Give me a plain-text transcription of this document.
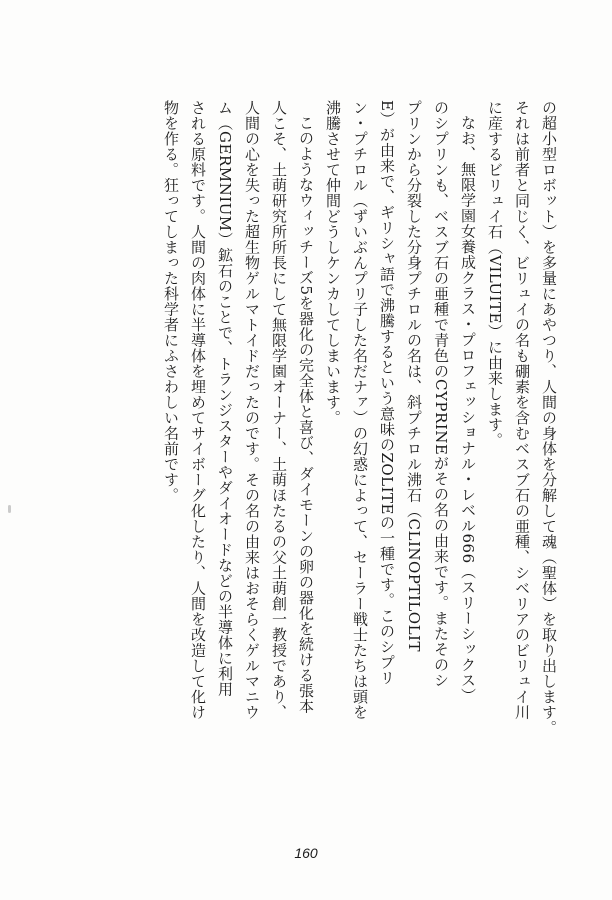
の超小型ロボット）を多量にあやつり、人間の身体を分解して魂（聖体）を取り出します。
それは前者と同じく、ビリュイの名も硼素を含むベスブ石の亜種、シベリアのビリュイ川
に産するビリュイ石（VILUITE）に由来します。
なお、無限学園女養成クラス・プロフェッショナル・レベル666（スリーシックス）
のシプリンも、ベスブ石の亜種で青色のCYPRINEがその名の由来です。またそのシ
プリンから分裂した分身プチロルの名は、斜プチロル沸石（CLINOPTILOLIT
E）が由来で、ギリシャ語で沸騰するという意味のZOLITEの一種です。このシプリ
ン・プチロル（ずいぶんプリ子した名だナァ）の幻惑によって、セーラー戦士たちは頭を
沸騰させて仲間どうしケンカしてしまいます。
このようなウィッチーズ5を器化の完全体と喜び、ダイモーンの卵の器化を続ける張本
人こそ、土萌研究所所長にして無限学園オーナー、土萌ほたるの父土萌創一教授であり、
人間の心を失った超生物ゲルマトイドだったのです。その名の由来はおそらくゲルマニウ
ム（GERMNIUM）鉱石のことで、トランジスターやダイオードなどの半導体に利用
される原料です。人間の肉体に半導体を埋めてサイボーグ化したり、人間を改造して化け
物を作る。狂ってしまった科学者にふさわしい名前です。
160
